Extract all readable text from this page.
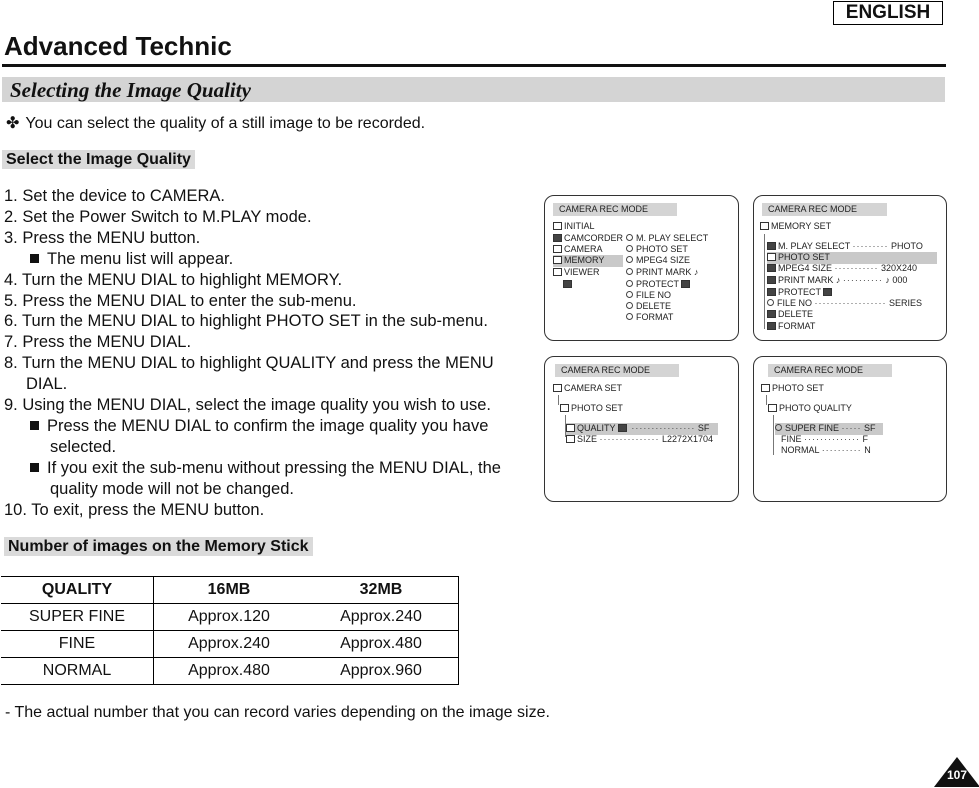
ENGLISH
Advanced Technic
Selecting the Image Quality
✤ You can select the quality of a still image to be recorded.
Select the Image Quality
1. Set the device to CAMERA.
2. Set the Power Switch to M.PLAY mode.
3. Press the MENU button.
The menu list will appear.
4. Turn the MENU DIAL to highlight MEMORY.
5. Press the MENU DIAL to enter the sub-menu.
6. Turn the MENU DIAL to highlight PHOTO SET in the sub-menu.
7. Press the MENU DIAL.
8. Turn the MENU DIAL to highlight QUALITY and press the MENU
DIAL.
9. Using the MENU DIAL, select the image quality you wish to use.
Press the MENU DIAL to confirm the image quality you have
selected.
If you exit the sub-menu without pressing the MENU DIAL, the
quality mode will not be changed.
10. To exit, press the MENU button.
Number of images on the Memory Stick
QUALITY	16MB	32MB
SUPER FINE	Approx.120	Approx.240
FINE	Approx.240	Approx.480
NORMAL	Approx.480	Approx.960
- The actual number that you can record varies depending on the image size.
107
CAMERA REC MODE
INITIAL
CAMCORDER
CAMERA
MEMORY
VIEWER
M. PLAY SELECT
PHOTO SET
MPEG4 SIZE
PRINT MARK ♪
PROTECT
FILE NO
DELETE
FORMAT
CAMERA REC MODE
MEMORY SET
M. PLAY SELECT ········· PHOTO
PHOTO SET
MPEG4 SIZE ··········· 320X240
PRINT MARK ♪ ·········· ♪ 000
PROTECT
FILE NO ·················· SERIES
DELETE
FORMAT
CAMERA REC MODE
CAMERA SET
PHOTO SET
QUALITY ················ SF
SIZE ··············· L2272X1704
CAMERA REC MODE
PHOTO SET
PHOTO QUALITY
SUPER FINE ····· SF
FINE ·············· F
NORMAL ·········· N
